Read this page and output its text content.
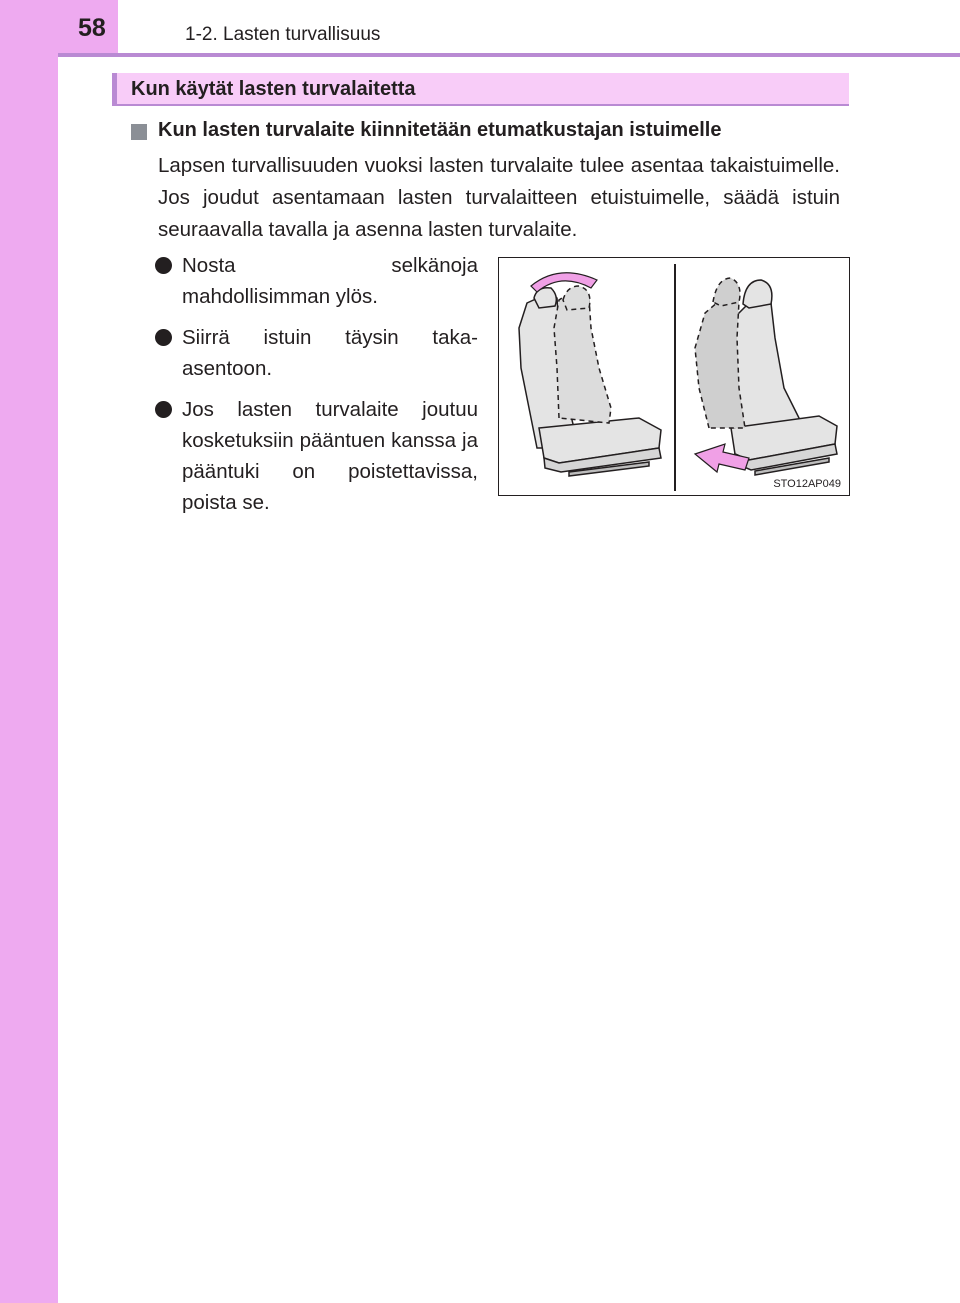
58	1-2. Lasten turvallisuus
Kun käytät lasten turvalaitetta
Kun lasten turvalaite kiinnitetään etumatkustajan istuimelle
Lapsen turvallisuuden vuoksi lasten turvalaite tulee asentaa takaistuimelle. Jos joudut asentamaan lasten turvalaitteen etuistuimelle, säädä istuin seuraavalla tavalla ja asenna lasten turvalaite.
Nosta selkänoja mahdollisimman ylös.
Siirrä istuin täysin taka-asentoon.
Jos lasten turvalaite joutuu kosketuksiin pääntuen kanssa ja pääntuki on poistettavissa, poista se.
STO12AP049
